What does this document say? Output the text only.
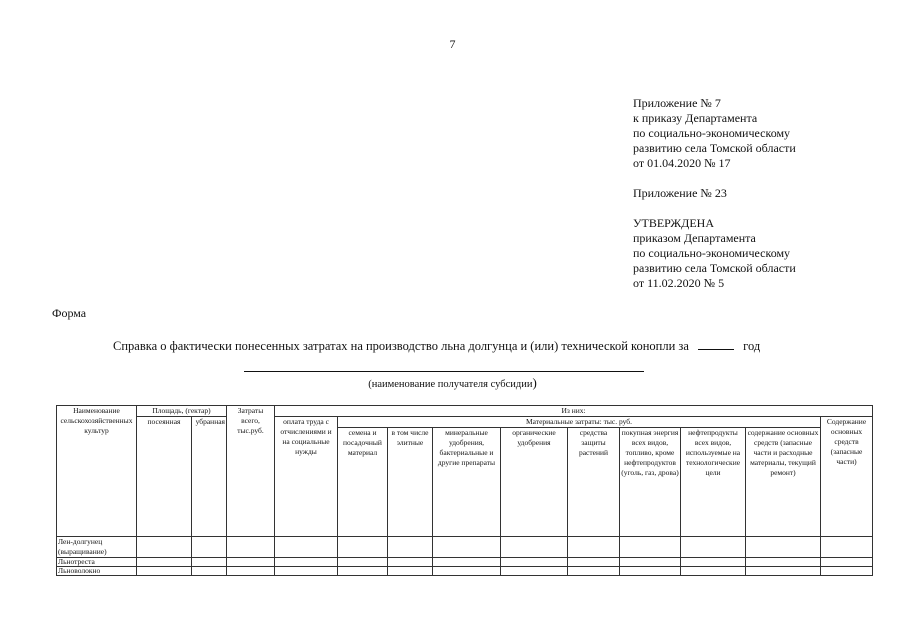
7
Приложение № 7
к приказу Департамента
по социально-экономическому
развитию села Томской области
от 01.04.2020 № 17
Приложение № 23
УТВЕРЖДЕНА
приказом Департамента
по социально-экономическому
развитию села Томской области
от 11.02.2020 № 5
Форма
Справка о фактически понесенных затратах на производство льна долгунца и (или) технической конопли за	год
(наименование получателя субсидии)
Наименование сельскохозяйственных культур	Площадь, (гектар)		Затраты всего, тыс.руб.	Из них:									
	посеянная	убранная		оплата труда с отчислениями и на социальные нужды	Материальные затраты: тыс. руб.								Содержание основных средств (запасные части)
					семена и посадочный материал	в том числе элитные	минеральные удобрения, бактериальные и другие препараты	органические удобрения	средства защиты растений	покупная энергия всех видов, топливо, кроме нефтепродуктов (уголь, газ, дрова)	нефтепродукты всех видов, используемые на технологические цели	содержание основных средств (запасные части и расходные материалы, текущий ремонт)	
Лен-долгунец (выращивание)													
Льнотреста													
Льноволокно													
